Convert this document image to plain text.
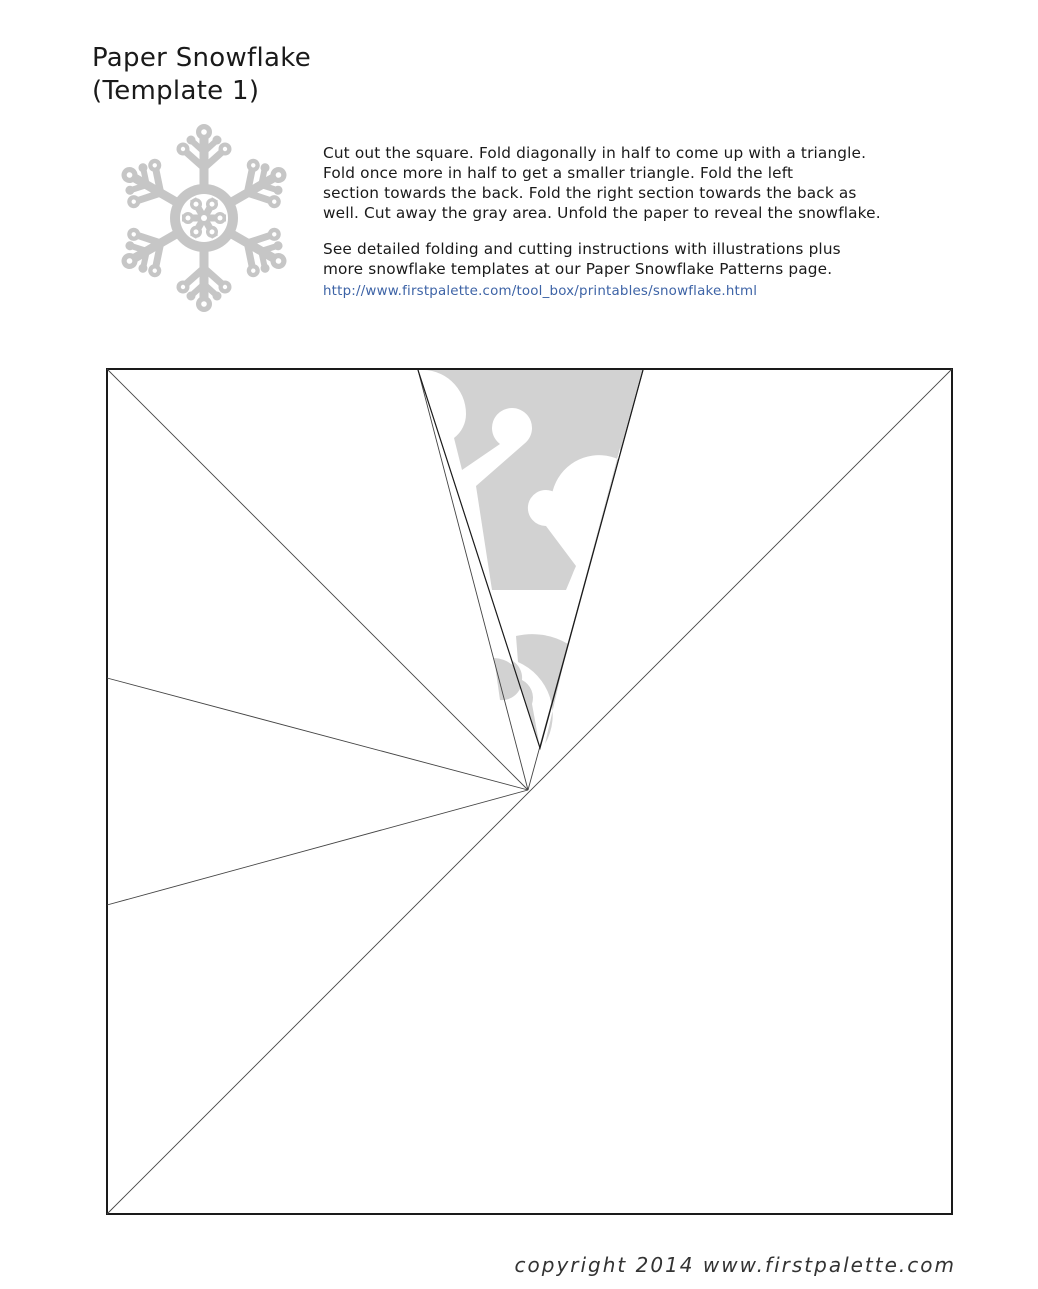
Paper Snowflake
(Template 1)

Cut out the square. Fold diagonally in half to come up with a triangle.
Fold once more in half to get a smaller triangle. Fold the left
section towards the back. Fold the right section towards the back as
well. Cut away the gray area. Unfold the paper to reveal the snowflake.

See detailed folding and cutting instructions with illustrations plus
more snowflake templates at our Paper Snowflake Patterns page.

http://www.firstpalette.com/tool_box/printables/snowflake.html
copyright 2014 www.firstpalette.com
